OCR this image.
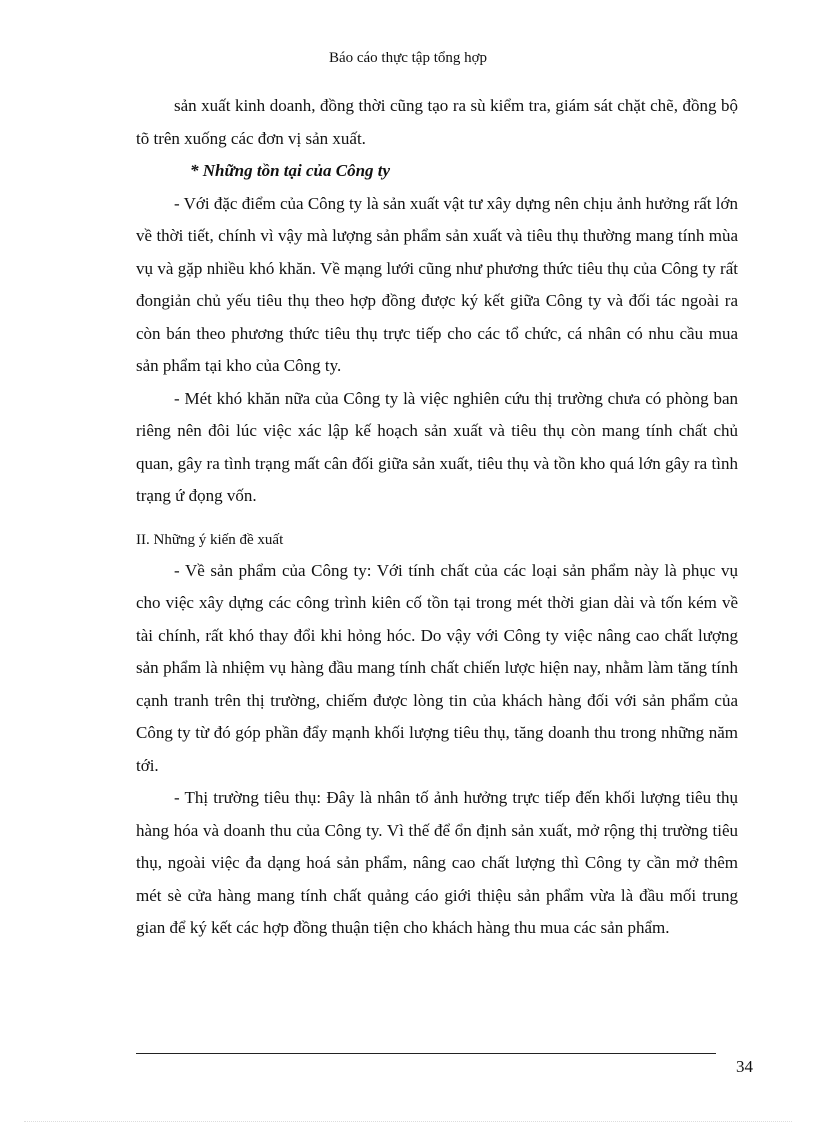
Báo cáo thực tập tổng hợp

sản xuất kinh doanh, đồng thời cũng tạo ra sù kiểm tra, giám sát chặt chẽ, đồng bộ tõ trên xuống các đơn vị sản xuất.

* Những tồn tại của Công ty

- Với đặc điểm của Công ty là sản xuất vật tư xây dựng nên chịu ảnh hưởng rất lớn về thời tiết, chính vì vậy mà lượng sản phẩm sản xuất và tiêu thụ thường mang tính mùa vụ và gặp nhiều khó khăn. Về mạng lưới cũng như phương thức tiêu thụ của Công ty rất đongiản chủ yếu tiêu thụ theo hợp đồng được ký kết giữa Công ty và đối tác ngoài ra còn bán theo phương thức tiêu thụ trực tiếp cho các tổ chức, cá nhân có nhu cầu mua sản phẩm tại kho của Công ty.

- Mét khó khăn nữa của Công ty là việc nghiên cứu thị trường chưa có phòng ban riêng nên đôi lúc việc xác lập kế hoạch sản xuất và tiêu thụ còn mang tính chất chủ quan, gây ra tình trạng mất cân đối giữa sản xuất, tiêu thụ và tồn kho quá lớn gây ra tình trạng ứ đọng vốn.

II. Những ý kiến đề xuất

- Về sản phẩm của Công ty: Với tính chất của các loại sản phẩm này là phục vụ cho việc xây dựng các công trình kiên cố tồn tại trong mét thời gian dài và tốn kém về tài chính, rất khó thay đổi khi hỏng hóc. Do vậy với Công ty việc nâng cao chất lượng sản phẩm là nhiệm vụ hàng đầu mang tính chất chiến lược hiện nay, nhằm làm tăng tính cạnh tranh trên thị trường, chiếm được lòng tin của khách hàng đối với sản phẩm của Công ty từ đó góp phần đẩy mạnh khối lượng tiêu thụ, tăng doanh thu trong những năm tới.

- Thị trường tiêu thụ: Đây là nhân tố ảnh hưởng trực tiếp đến khối lượng tiêu thụ hàng hóa và doanh thu của Công ty. Vì thế để ổn định sản xuất, mở rộng thị trường tiêu thụ, ngoài việc đa dạng hoá sản phẩm, nâng cao chất lượng thì Công ty cần mở thêm mét sè cửa hàng mang tính chất quảng cáo giới thiệu sản phẩm vừa là đầu mối trung gian để ký kết các hợp đồng thuận tiện cho khách hàng thu mua các sản phẩm.

34
